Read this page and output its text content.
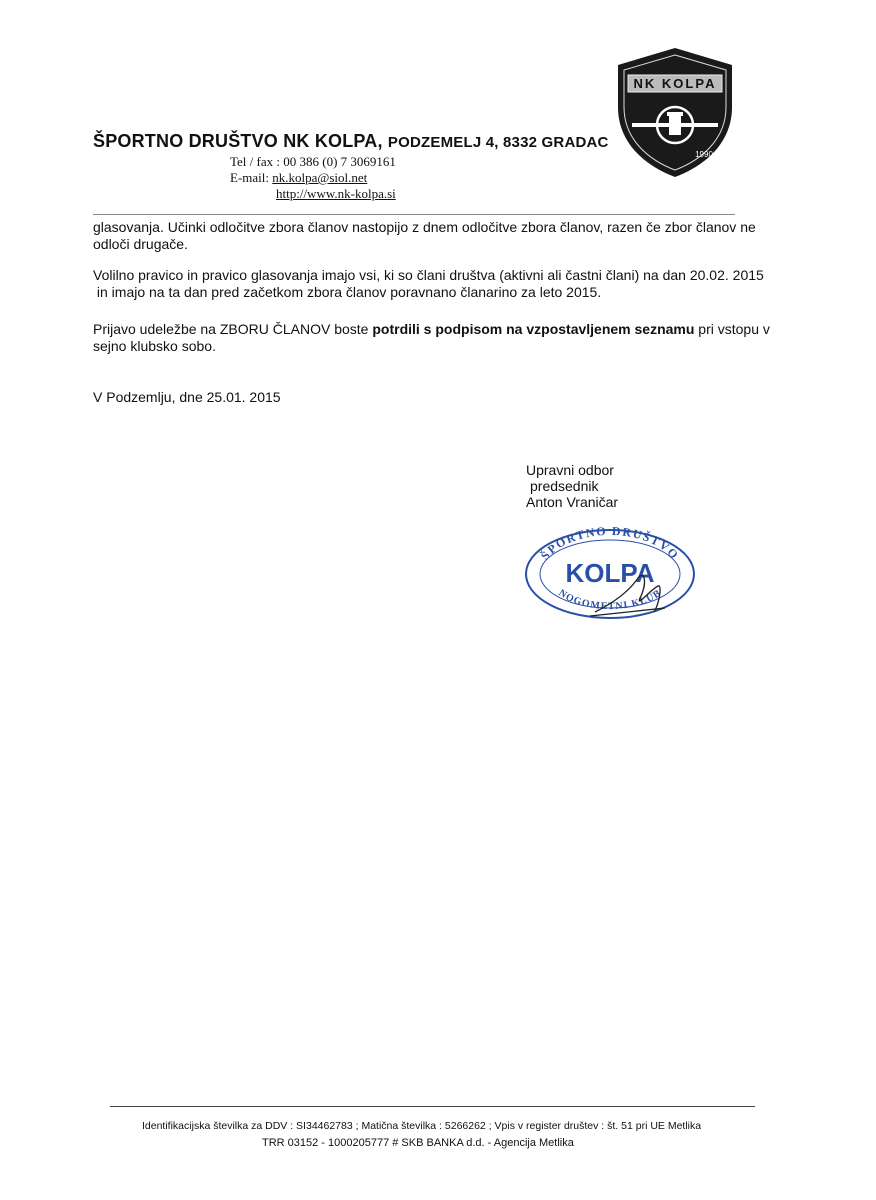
ŠPORTNO DRUŠTVO NK KOLPA, PODZEMELJ 4, 8332 GRADAC
Tel / fax : 00 386 (0) 7 3069161
E-mail: nk.kolpa@siol.net
http://www.nk-kolpa.si
NK KOLPA
1990
glasovanja. Učinki odločitve zbora članov nastopijo z dnem odločitve zbora članov, razen če zbor članov ne odloči drugače.
Volilno pravico in pravico glasovanja imajo vsi, ki so člani društva (aktivni ali častni člani) na dan 20.02. 2015
in imajo na ta dan pred začetkom zbora članov poravnano članarino za leto 2015.
Prijavo udeležbe na ZBORU ČLANOV boste potrdili s podpisom na vzpostavljenem seznamu pri vstopu v sejno klubsko sobo.
V Podzemlju, dne 25.01. 2015
Upravni odbor
predsednik
Anton Vraničar
ŠPORTNO DRUŠTVO
KOLPA
NOGOMETNI KLUB
Identifikacijska številka za DDV : SI34462783 ; Matična številka : 5266262 ; Vpis v register društev : št. 51 pri UE Metlika
TRR 03152 - 1000205777 # SKB BANKA d.d. - Agencija Metlika
